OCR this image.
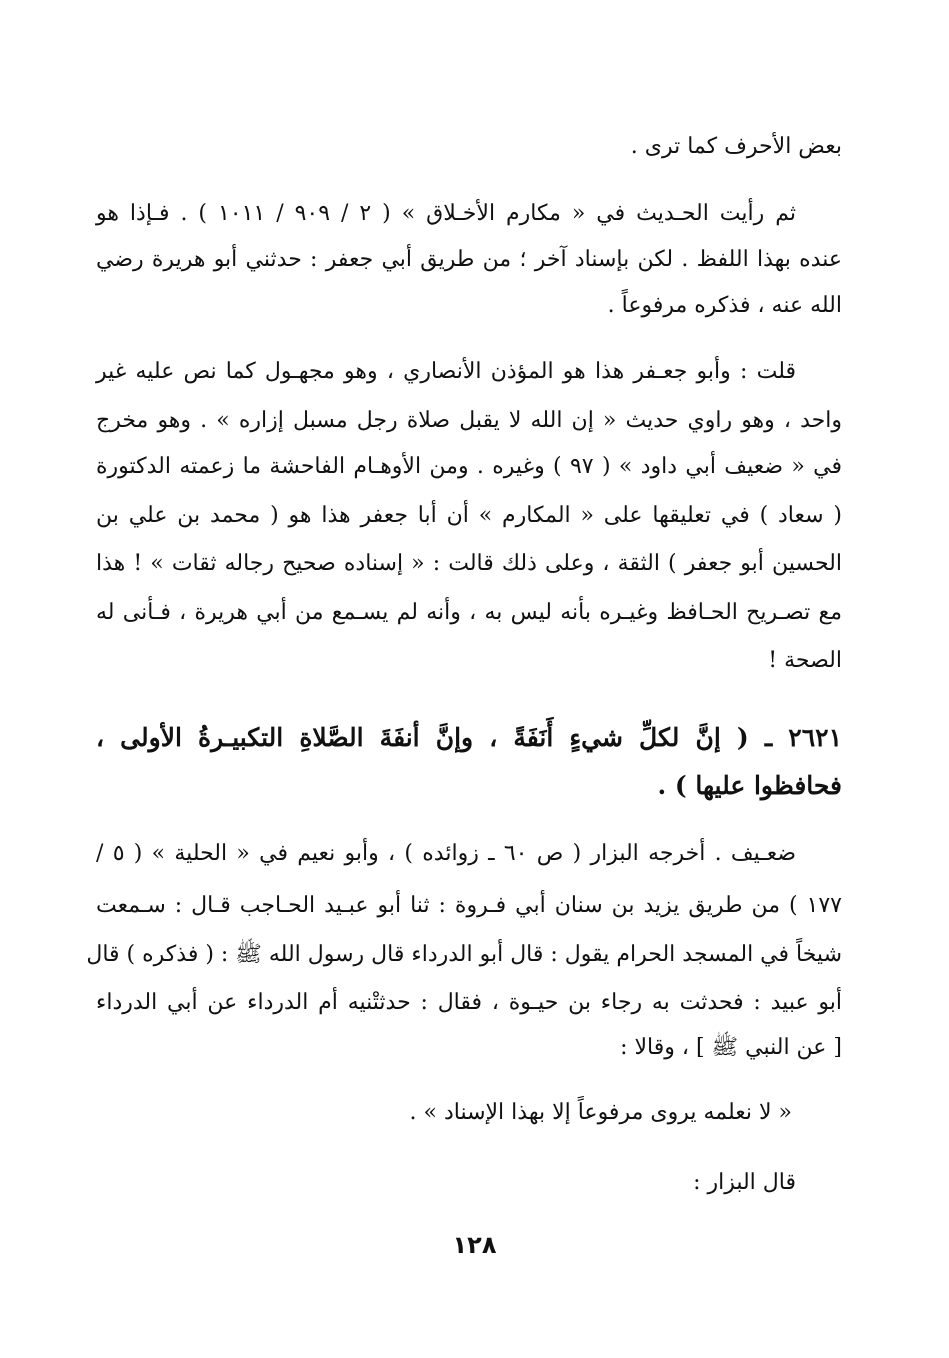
بعض الأحرف كما ترى .
ثم رأيت الحـديث في « مكارم الأخـلاق » ( ٢ / ٩٠٩ / ١٠١١ ) . فـإذا هو
عنده بهذا اللفظ . لكن بإسناد آخر ؛ من طريق أبي جعفر : حدثني أبو هريرة رضي
الله عنه ، فذكره مرفوعاً .
قلت : وأبو جعـفر هذا هو المؤذن الأنصاري ، وهو مجهـول كما نص عليه غير
واحد ، وهو راوي حديث « إن الله لا يقبل صلاة رجل مسبل إزاره » . وهو مخرج
في « ضعيف أبي داود » ( ٩٧ ) وغيره . ومن الأوهـام الفاحشة ما زعمته الدكتورة
( سعاد ) في تعليقها على « المكارم » أن أبا جعفر هذا هو ( محمد بن علي بن
الحسين أبو جعفر ) الثقة ، وعلى ذلك قالت : « إسناده صحيح رجاله ثقات » ! هذا
مع تصـريح الحـافظ وغيـره بأنه ليس به ، وأنه لم يسـمع من أبي هريرة ، فـأنى له
الصحة !
٢٦٢١ ـ ( إنَّ لكلِّ شيءٍ أَنَفَةً ، وإنَّ أنفَةَ الصَّلاةِ التكبيـرةُ الأولى ،
فحافظوا عليها ) .
ضعـيف . أخرجه البزار ( ص ٦٠ ـ زوائده ) ، وأبو نعيم في « الحلية » ( ٥ /
١٧٧ ) من طريق يزيد بن سنان أبي فـروة : ثنا أبو عبـيد الحـاجب قـال : سـمعت
شيخاً في المسجد الحرام يقول : قال أبو الدرداء قال رسول الله ﷺ : ( فذكره ) قال
أبو عبيد : فحدثت به رجاء بن حيـوة ، فقال : حدثتْنيه أم الدرداء عن أبي الدرداء
[ عن النبي ﷺ ] ، وقالا :
« لا نعلمه يروى مرفوعاً إلا بهذا الإسناد » .
قال البزار :
١٢٨
